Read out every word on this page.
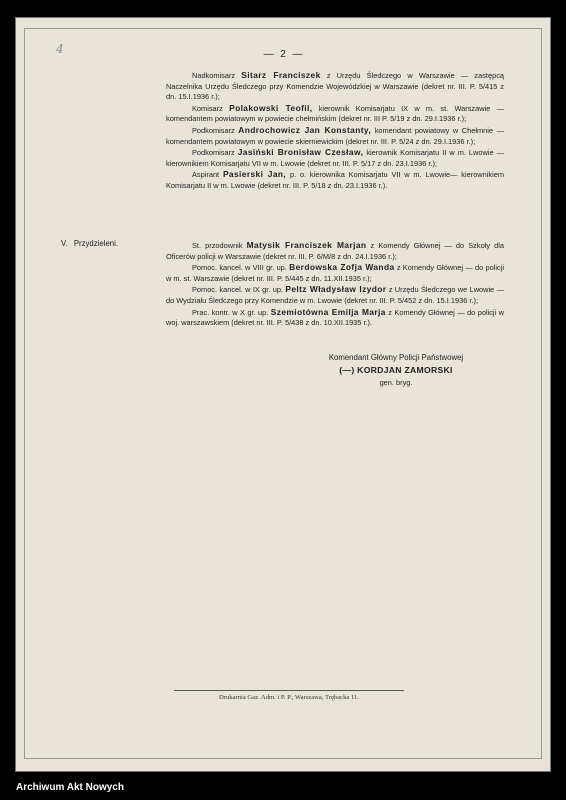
4	— 2 —

Nadkomisarz Sitarz Franciszek z Urzędu Śledczego w Warszawie — zastępcą Naczelnika Urzędu Śledczego przy Komendzie Wojewódzkiej w Warszawie (dekret nr. III. P. 5/415 z dn. 15.I.1936 r.);

Komisarz Polakowski Teofil, kierownik Komisarjatu IX w m. st. Warszawie — komendantem powiatowym w powiecie chełmińskim (dekret nr. III P. 5/19 z dn. 29.I.1936 r.);

Podkomisarz Androchowicz Jan Konstanty, komendant powiatowy w Chełmnie — komendantem powiatowym w powiecie skierniewickim (dekret nr. III. P. 5/24 z dn. 29.I.1936 r.);

Podkomisarz Jasiński Bronisław Czesław, kierownik Komisarjatu II w m. Lwowie — kierownikiem Komisarjatu VII w m. Lwowie (dekret nr. III. P. 5/17 z dn. 23.I.1936 r.);

Aspirant Pasierski Jan, p. o. kierownika Komisarjatu VII w m. Lwowie— kierownikiem Komisarjatu II w m. Lwowie (dekret nr. III. P. 5/18 z dn. 23.I.1936 r.).

V. Przydzieleni.	St. przodownik Matysik Franciszek Marjan z Komendy Głównej — do Szkoły dla Oficerów policji w Warszawie (dekret nr. III. P. 6/M/8 z dn. 24.I.1936 r.);

Pomoc. kancel. w VIII gr. up. Berdowska Zofja Wanda z Komendy Głównej — do policji w m. st. Warszawie (dekret nr. III. P. 5/445 z dn. 11.XII.1935 r.);

Pomoc. kancel. w IX gr. up. Peltz Władysław Izydor z Urzędu Śledczego we Lwowie — do Wydziału Śledczego przy Komendzie w m. Lwowie (dekret nr. III. P. 5/452 z dn. 15.I.1936 r.);

Prac. kontr. w X gr. up. Szemiotówna Emilja Marja z Komendy Głównej — do policji w woj. warszawskiem (dekret nr. III. P. 5/438 z dn. 10.XII.1935 r.).

Komendant Główny Policji Państwowej
(—) KORDJAN ZAMORSKI
gen. bryg.
Drukarnia Gaz. Adm. i P. P., Warszawa, Trębacka 11.
Archiwum Akt Nowych
